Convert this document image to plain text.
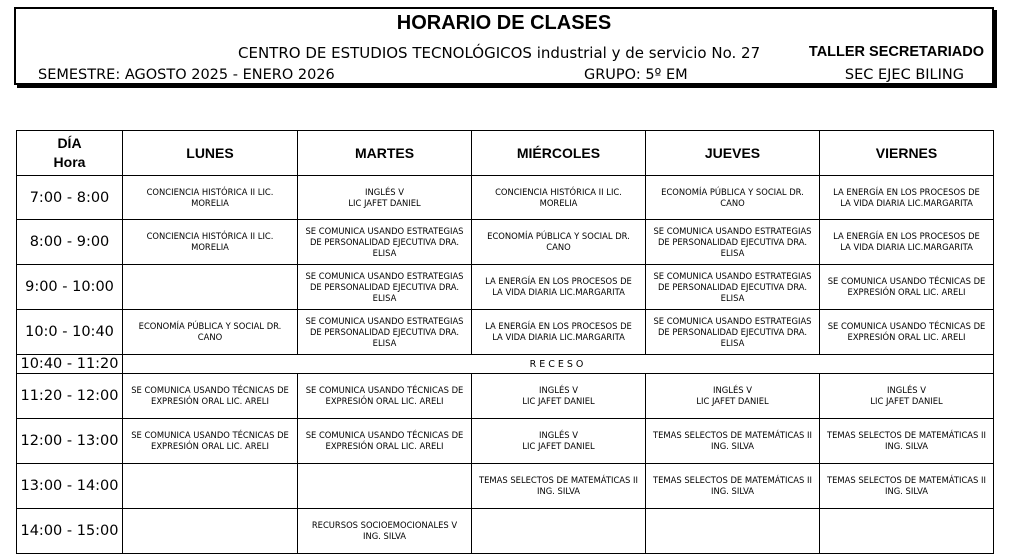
HORARIO DE CLASES
CENTRO DE ESTUDIOS TECNOLÓGICOS industrial y de servicio No. 27	TALLER SECRETARIADO
SEMESTRE: AGOSTO 2025 - ENERO 2026	GRUPO: 5º EM	SEC EJEC BILING
DÍA
Hora	LUNES	MARTES	MIÉRCOLES	JUEVES	VIERNES
7:00 - 8:00	CONCIENCIA HISTÓRICA II LIC.
MORELIA	INGLÉS V
LIC JAFET DANIEL	CONCIENCIA HISTÓRICA II LIC.
MORELIA	ECONOMÍA PÚBLICA Y SOCIAL DR.
CANO	LA ENERGÍA EN LOS PROCESOS DE
LA VIDA DIARIA LIC.MARGARITA

8:00 - 9:00	CONCIENCIA HISTÓRICA II LIC.
MORELIA	SE COMUNICA USANDO ESTRATEGIAS
DE PERSONALIDAD EJECUTIVA DRA.
ELISA	ECONOMÍA PÚBLICA Y SOCIAL DR.
CANO	SE COMUNICA USANDO ESTRATEGIAS
DE PERSONALIDAD EJECUTIVA DRA.
ELISA	LA ENERGÍA EN LOS PROCESOS DE
LA VIDA DIARIA LIC.MARGARITA

9:00 - 10:00		SE COMUNICA USANDO ESTRATEGIAS
DE PERSONALIDAD EJECUTIVA DRA.
ELISA	LA ENERGÍA EN LOS PROCESOS DE
LA VIDA DIARIA LIC.MARGARITA	SE COMUNICA USANDO ESTRATEGIAS
DE PERSONALIDAD EJECUTIVA DRA.
ELISA	SE COMUNICA USANDO TÉCNICAS DE
EXPRESIÓN ORAL LIC. ARELI

10:0 - 10:40	ECONOMÍA PÚBLICA Y SOCIAL DR.
CANO	SE COMUNICA USANDO ESTRATEGIAS
DE PERSONALIDAD EJECUTIVA DRA.
ELISA	LA ENERGÍA EN LOS PROCESOS DE
LA VIDA DIARIA LIC.MARGARITA	SE COMUNICA USANDO ESTRATEGIAS
DE PERSONALIDAD EJECUTIVA DRA.
ELISA	SE COMUNICA USANDO TÉCNICAS DE
EXPRESIÓN ORAL LIC. ARELI

10:40 - 11:20	RECESO				
11:20 - 12:00	SE COMUNICA USANDO TÉCNICAS DE
EXPRESIÓN ORAL LIC. ARELI	SE COMUNICA USANDO TÉCNICAS DE
EXPRESIÓN ORAL LIC. ARELI	INGLÉS V
LIC JAFET DANIEL	INGLÉS V
LIC JAFET DANIEL	INGLÉS V
LIC JAFET DANIEL

12:00 - 13:00	SE COMUNICA USANDO TÉCNICAS DE
EXPRESIÓN ORAL LIC. ARELI	SE COMUNICA USANDO TÉCNICAS DE
EXPRESIÓN ORAL LIC. ARELI	INGLÉS V
LIC JAFET DANIEL	TEMAS SELECTOS DE MATEMÁTICAS II
ING. SILVA	TEMAS SELECTOS DE MATEMÁTICAS II
ING. SILVA

13:00 - 14:00			TEMAS SELECTOS DE MATEMÁTICAS II
ING. SILVA	TEMAS SELECTOS DE MATEMÁTICAS II
ING. SILVA	TEMAS SELECTOS DE MATEMÁTICAS II
ING. SILVA

14:00 - 15:00		RECURSOS SOCIOEMOCIONALES V
ING. SILVA			
